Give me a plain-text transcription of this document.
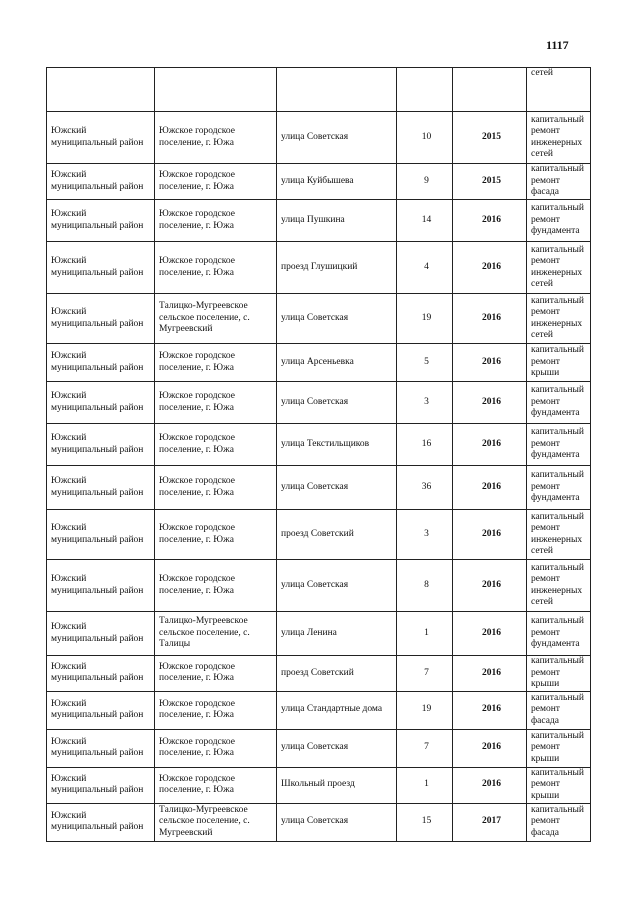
1117
					сетей
Южский муниципальный район	Южское городское поселение, г. Южа	улица Советская	10	2015	капитальный ремонт инженерных сетей
Южский муниципальный район	Южское городское поселение, г. Южа	улица Куйбышева	9	2015	капитальный ремонт фасада
Южский муниципальный район	Южское городское поселение, г. Южа	улица Пушкина	14	2016	капитальный ремонт фундамента
Южский муниципальный район	Южское городское поселение, г. Южа	проезд Глушицкий	4	2016	капитальный ремонт инженерных сетей
Южский муниципальный район	Талицко-Мугреевское сельское поселение, с. Мугреевский	улица Советская	19	2016	капитальный ремонт инженерных сетей
Южский муниципальный район	Южское городское поселение, г. Южа	улица Арсеньевка	5	2016	капитальный ремонт крыши
Южский муниципальный район	Южское городское поселение, г. Южа	улица Советская	3	2016	капитальный ремонт фундамента
Южский муниципальный район	Южское городское поселение, г. Южа	улица Текстильщиков	16	2016	капитальный ремонт фундамента
Южский муниципальный район	Южское городское поселение, г. Южа	улица Советская	36	2016	капитальный ремонт фундамента
Южский муниципальный район	Южское городское поселение, г. Южа	проезд Советский	3	2016	капитальный ремонт инженерных сетей
Южский муниципальный район	Южское городское поселение, г. Южа	улица Советская	8	2016	капитальный ремонт инженерных сетей
Южский муниципальный район	Талицко-Мугреевское сельское поселение, с. Талицы	улица Ленина	1	2016	капитальный ремонт фундамента
Южский муниципальный район	Южское городское поселение, г. Южа	проезд Советский	7	2016	капитальный ремонт крыши
Южский муниципальный район	Южское городское поселение, г. Южа	улица Стандартные дома	19	2016	капитальный ремонт фасада
Южский муниципальный район	Южское городское поселение, г. Южа	улица Советская	7	2016	капитальный ремонт крыши
Южский муниципальный район	Южское городское поселение, г. Южа	Школьный проезд	1	2016	капитальный ремонт крыши
Южский муниципальный район	Талицко-Мугреевское сельское поселение, с. Мугреевский	улица Советская	15	2017	капитальный ремонт фасада
